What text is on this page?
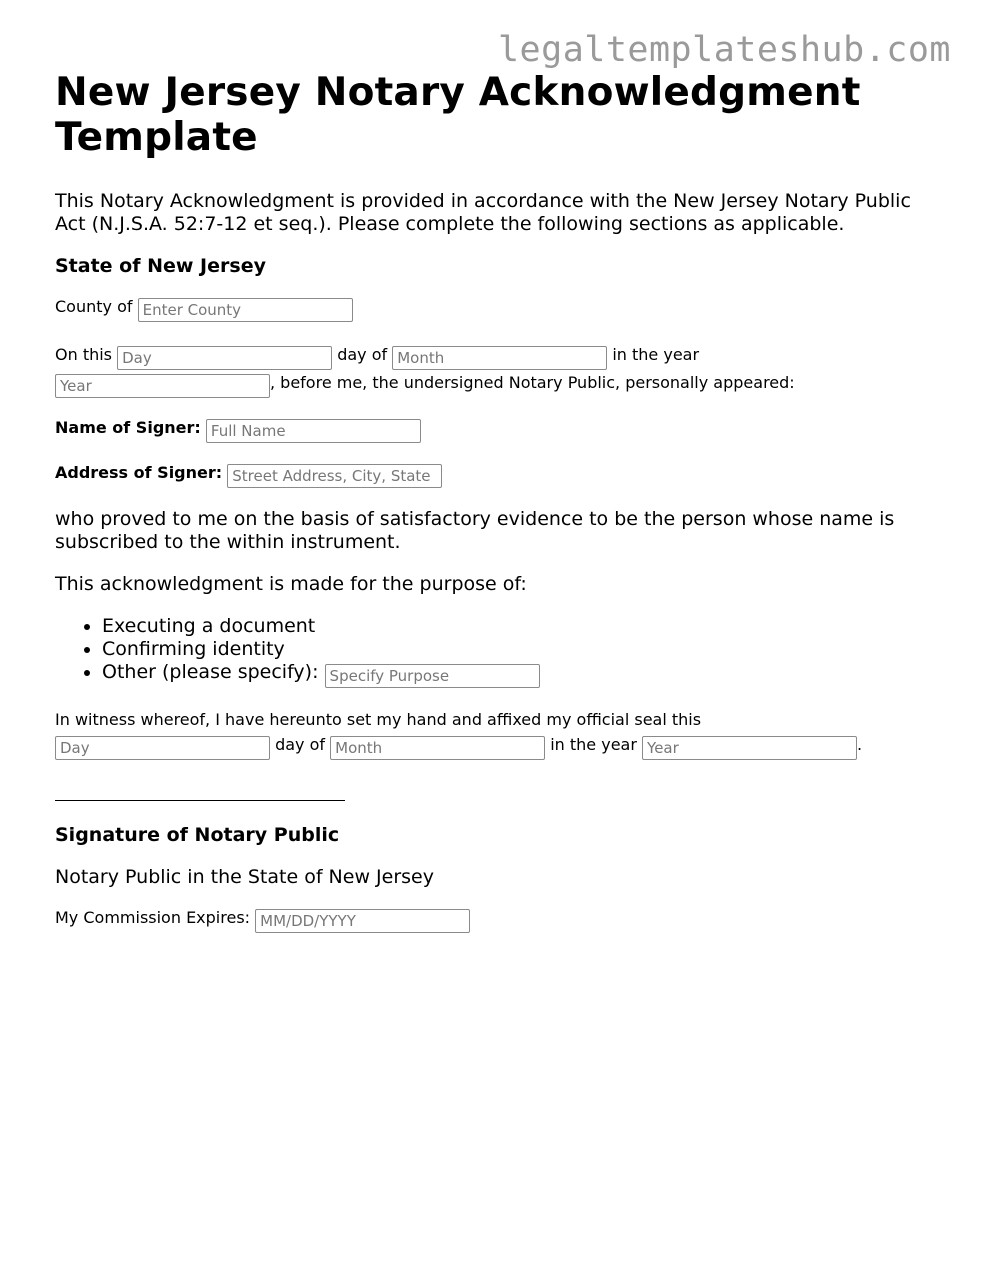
legaltemplateshub.com
New Jersey Notary Acknowledgment Template

This Notary Acknowledgment is provided in accordance with the New Jersey Notary Public Act (N.J.S.A. 52:7-12 et seq.). Please complete the following sections as applicable.

State of New Jersey

County of Enter County
On this Day	day of Month	in the year
Year, before me, the undersigned Notary Public, personally appeared:
Name of Signer: Full Name
Address of Signer: Street Address, City, State

who proved to me on the basis of satisfactory evidence to be the person whose name is subscribed to the within instrument.

This acknowledgment is made for the purpose of:

• Executing a document
• Confirming identity
• Other (please specify): Specify Purpose
In witness whereof, I have hereunto set my hand and affixed my official seal this
Day day of Month	in the year Year	.

Signature of Notary Public

Notary Public in the State of New Jersey

My Commission Expires: MM/DD/YYYY
